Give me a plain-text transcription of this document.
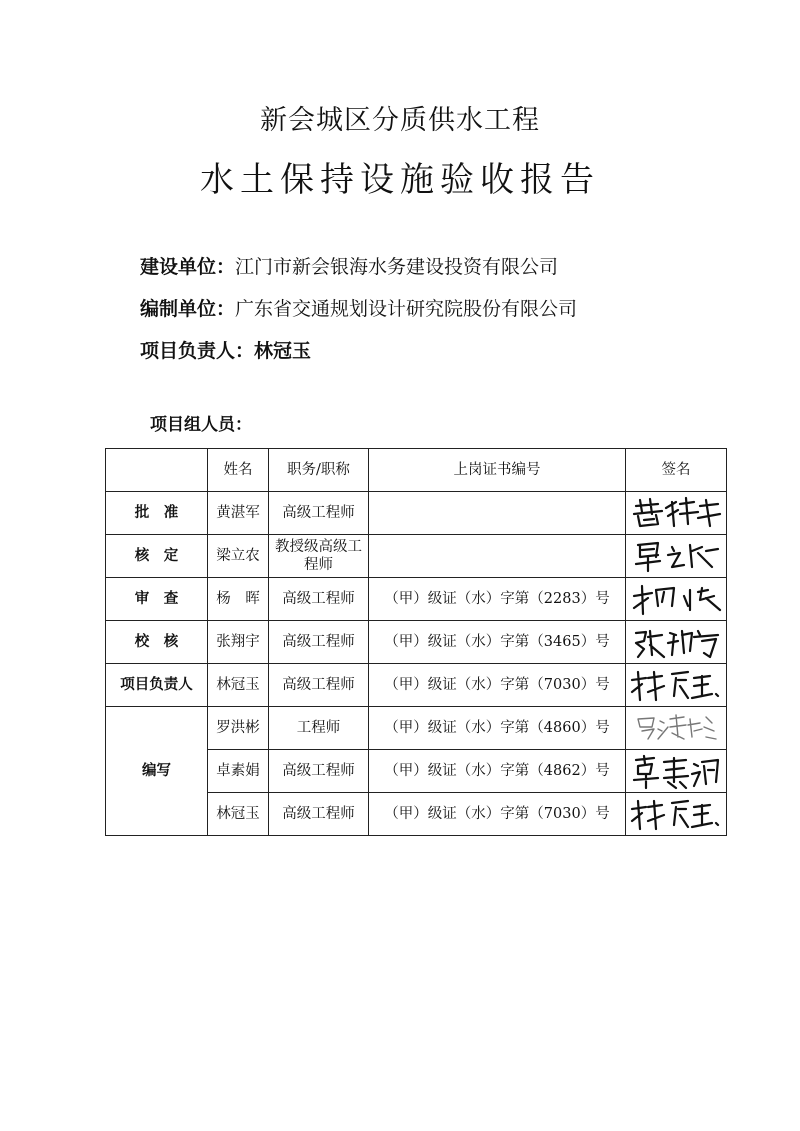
新会城区分质供水工程
水土保持设施验收报告
建设单位：江门市新会银海水务建设投资有限公司
编制单位：广东省交通规划设计研究院股份有限公司
项目负责人：林冠玉
项目组人员：
	姓名	职务/职称	上岗证书编号	签名
批　准	黄湛军	高级工程师		

核　定	梁立农	教授级高级工程师		

审　查	杨　晖	高级工程师	（甲）级证（水）字第（2283）号	

校　核	张翔宇	高级工程师	（甲）级证（水）字第（3465）号	

项目负责人	林冠玉	高级工程师	（甲）级证（水）字第（7030）号	

编写	罗洪彬	工程师	（甲）级证（水）字第（4860）号	

	卓素娟	高级工程师	（甲）级证（水）字第（4862）号	

	林冠玉	高级工程师	（甲）级证（水）字第（7030）号	
